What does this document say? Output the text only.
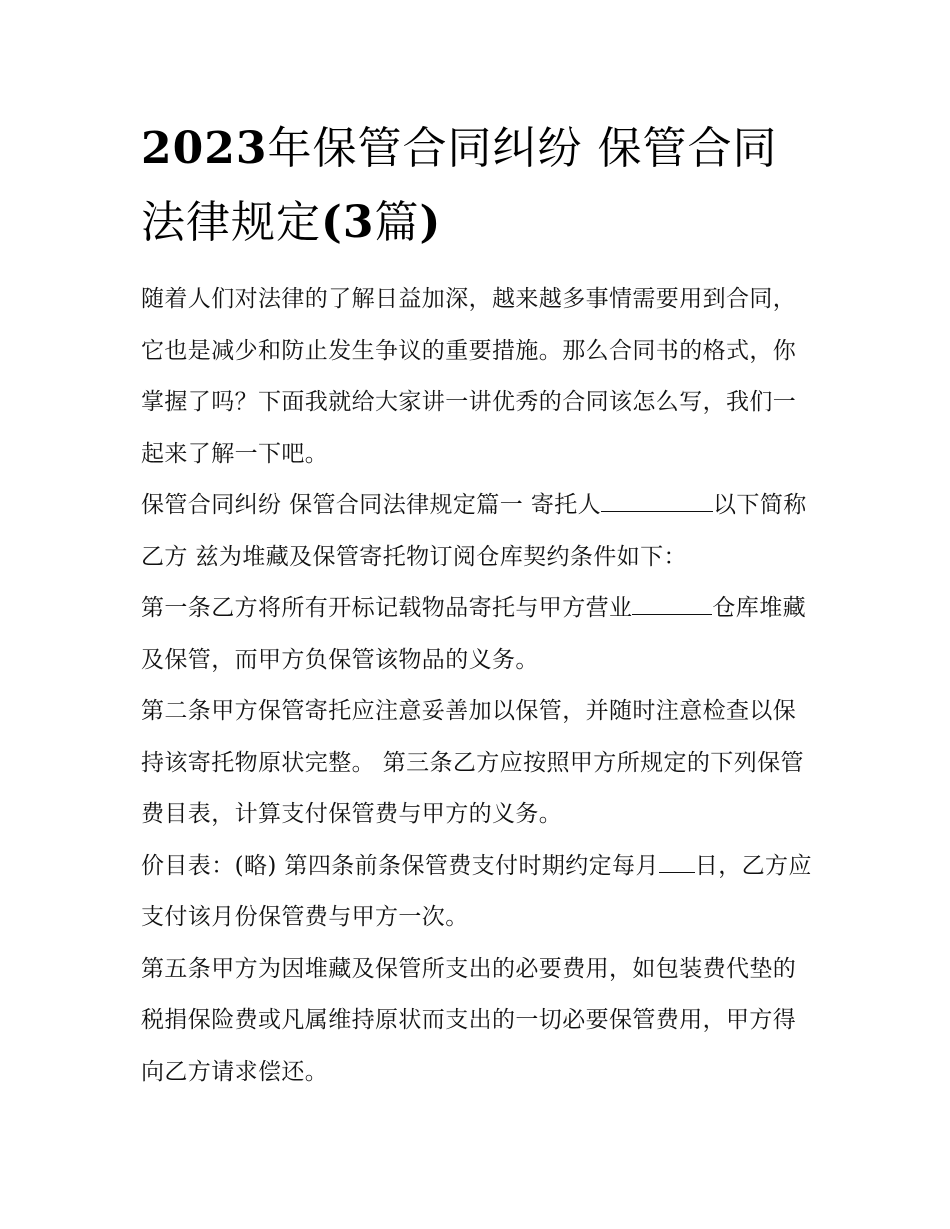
2023年保管合同纠纷 保管合同法律规定(3篇)

随着人们对法律的了解日益加深，越来越多事情需要用到合同，它也是减少和防止发生争议的重要措施。那么合同书的格式，你掌握了吗？下面我就给大家讲一讲优秀的合同该怎么写，我们一起来了解一下吧。

保管合同纠纷 保管合同法律规定篇一 寄托人	以下简称乙方 兹为堆藏及保管寄托物订阅仓库契约条件如下：

第一条乙方将所有开标记载物品寄托与甲方营业	仓库堆藏及保管，而甲方负保管该物品的义务。

第二条甲方保管寄托应注意妥善加以保管，并随时注意检查以保持该寄托物原状完整。 第三条乙方应按照甲方所规定的下列保管费目表，计算支付保管费与甲方的义务。

价目表：(略) 第四条前条保管费支付时期约定每月 日，乙方应支付该月份保管费与甲方一次。

第五条甲方为因堆藏及保管所支出的必要费用，如包装费代垫的税捐保险费或凡属维持原状而支出的一切必要保管费用，甲方得向乙方请求偿还。
